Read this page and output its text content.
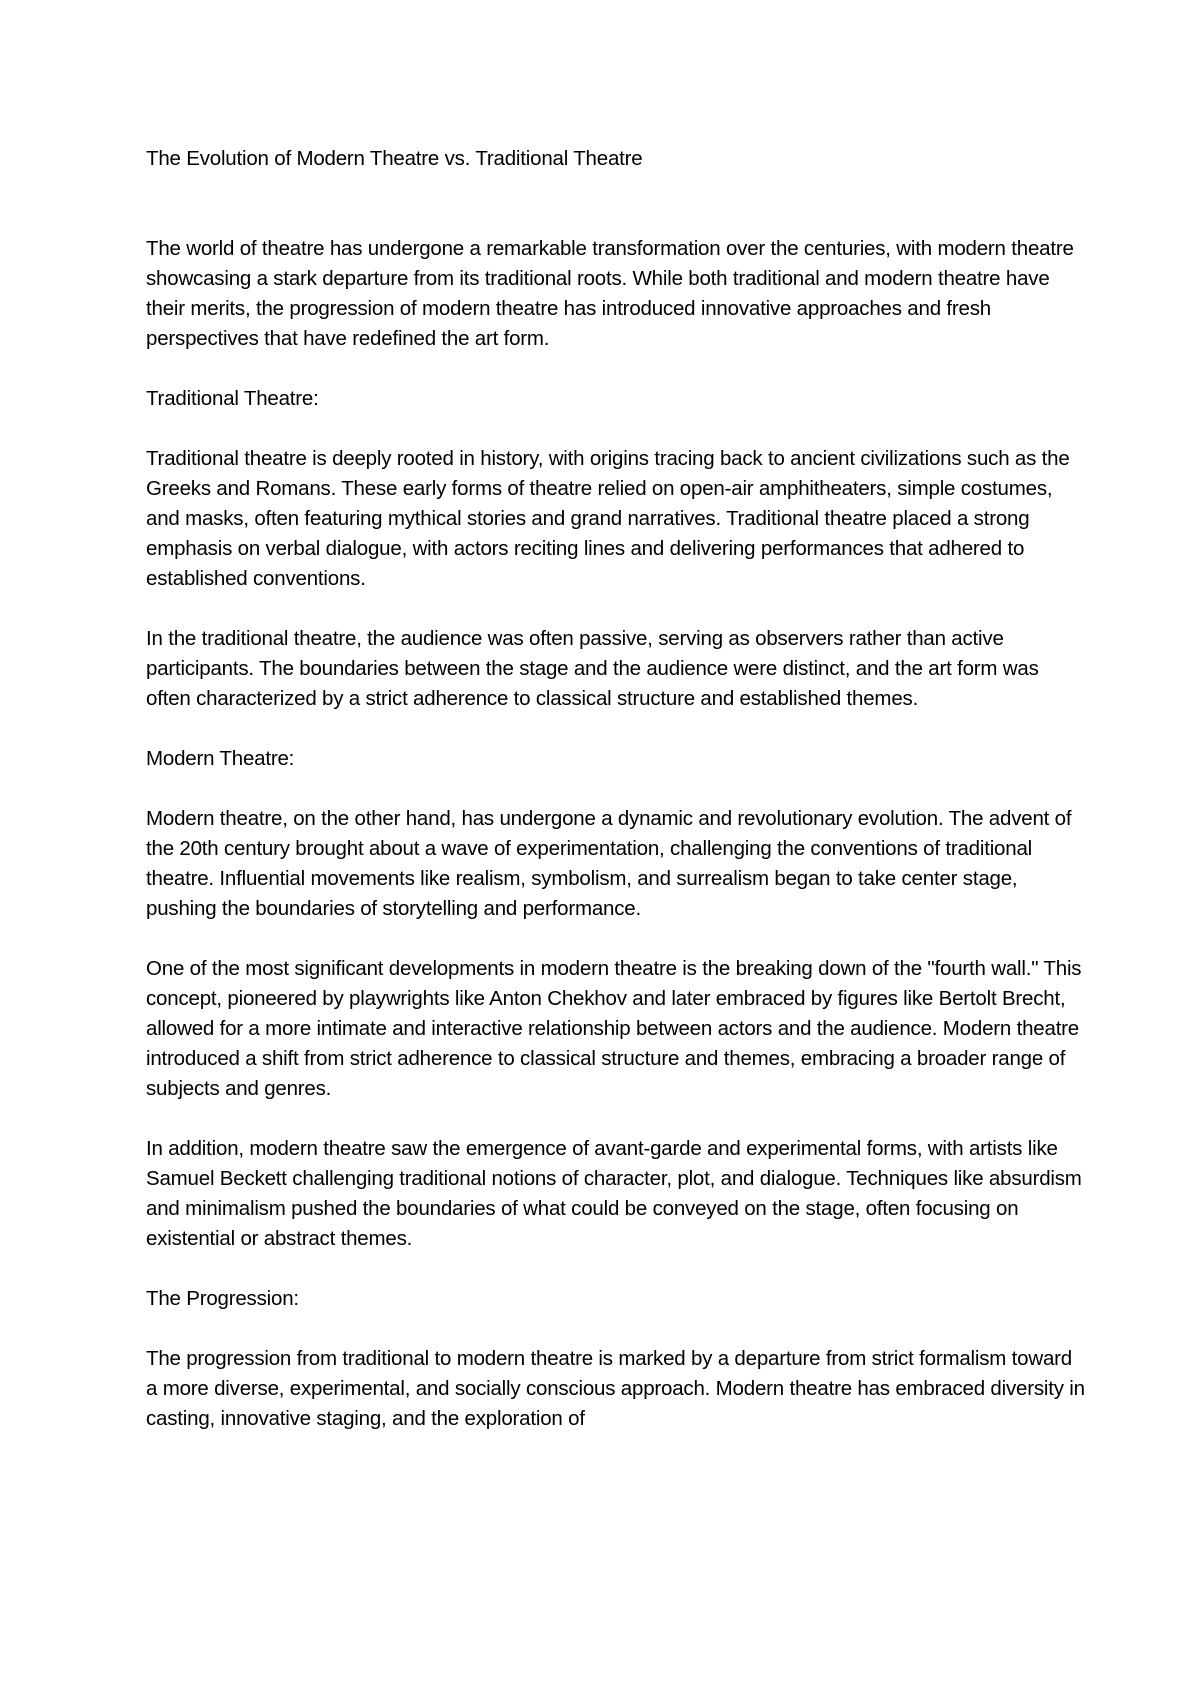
The Evolution of Modern Theatre vs. Traditional Theatre

The world of theatre has undergone a remarkable transformation over the centuries, with modern theatre showcasing a stark departure from its traditional roots. While both traditional and modern theatre have their merits, the progression of modern theatre has introduced innovative approaches and fresh perspectives that have redefined the art form.

Traditional Theatre:

Traditional theatre is deeply rooted in history, with origins tracing back to ancient civilizations such as the Greeks and Romans. These early forms of theatre relied on open-air amphitheaters, simple costumes, and masks, often featuring mythical stories and grand narratives. Traditional theatre placed a strong emphasis on verbal dialogue, with actors reciting lines and delivering performances that adhered to established conventions.

In the traditional theatre, the audience was often passive, serving as observers rather than active participants. The boundaries between the stage and the audience were distinct, and the art form was often characterized by a strict adherence to classical structure and established themes.

Modern Theatre:

Modern theatre, on the other hand, has undergone a dynamic and revolutionary evolution. The advent of the 20th century brought about a wave of experimentation, challenging the conventions of traditional theatre. Influential movements like realism, symbolism, and surrealism began to take center stage, pushing the boundaries of storytelling and performance.

One of the most significant developments in modern theatre is the breaking down of the "fourth wall." This concept, pioneered by playwrights like Anton Chekhov and later embraced by figures like Bertolt Brecht, allowed for a more intimate and interactive relationship between actors and the audience. Modern theatre introduced a shift from strict adherence to classical structure and themes, embracing a broader range of subjects and genres.

In addition, modern theatre saw the emergence of avant-garde and experimental forms, with artists like Samuel Beckett challenging traditional notions of character, plot, and dialogue. Techniques like absurdism and minimalism pushed the boundaries of what could be conveyed on the stage, often focusing on existential or abstract themes.

The Progression:

The progression from traditional to modern theatre is marked by a departure from strict formalism toward a more diverse, experimental, and socially conscious approach. Modern theatre has embraced diversity in casting, innovative staging, and the exploration of
